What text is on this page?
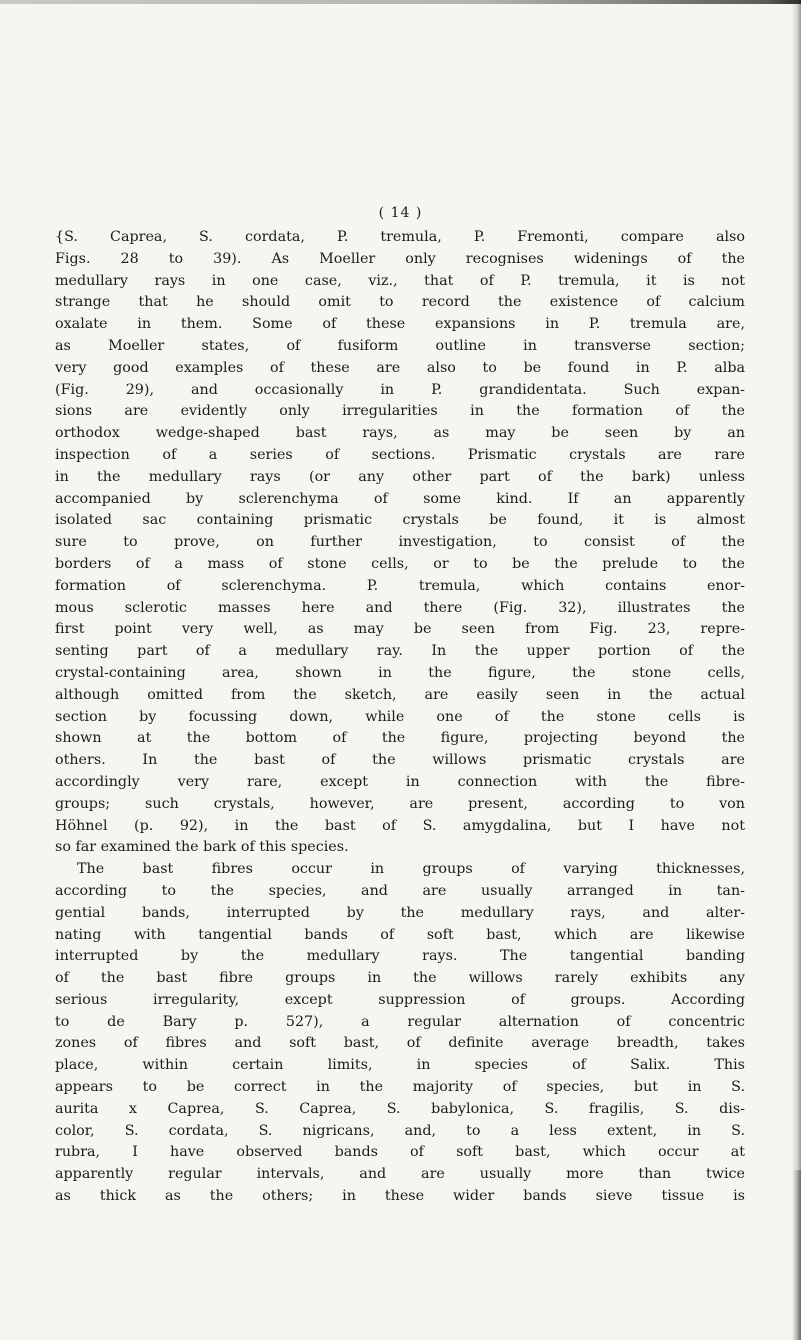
( 14 )
{S. Caprea, S. cordata, P. tremula, P. Fremonti, compare also
Figs. 28 to 39). As Moeller only recognises widenings of the
medullary rays in one case, viz., that of P. tremula, it is not
strange that he should omit to record the existence of calcium
oxalate in them. Some of these expansions in P. tremula are,
as Moeller states, of fusiform outline in transverse section;
very good examples of these are also to be found in P. alba
(Fig. 29), and occasionally in P. grandidentata. Such expan-
sions are evidently only irregularities in the formation of the
orthodox wedge-shaped bast rays, as may be seen by an
inspection of a series of sections. Prismatic crystals are rare
in the medullary rays (or any other part of the bark) unless
accompanied by sclerenchyma of some kind. If an apparently
isolated sac containing prismatic crystals be found, it is almost
sure to prove, on further investigation, to consist of the
borders of a mass of stone cells, or to be the prelude to the
formation of sclerenchyma. P. tremula, which contains enor-
mous sclerotic masses here and there (Fig. 32), illustrates the
first point very well, as may be seen from Fig. 23, repre-
senting part of a medullary ray. In the upper portion of the
crystal-containing area, shown in the figure, the stone cells,
although omitted from the sketch, are easily seen in the actual
section by focussing down, while one of the stone cells is
shown at the bottom of the figure, projecting beyond the
others. In the bast of the willows prismatic crystals are
accordingly very rare, except in connection with the fibre-
groups; such crystals, however, are present, according to von
Höhnel (p. 92), in the bast of S. amygdalina, but I have not
so far examined the bark of this species.
The bast fibres occur in groups of varying thicknesses,
according to the species, and are usually arranged in tan-
gential bands, interrupted by the medullary rays, and alter-
nating with tangential bands of soft bast, which are likewise
interrupted by the medullary rays. The tangential banding
of the bast fibre groups in the willows rarely exhibits any
serious irregularity, except suppression of groups. According
to de Bary p. 527), a regular alternation of concentric
zones of fibres and soft bast, of definite average breadth, takes
place, within certain limits, in species of Salix. This
appears to be correct in the majority of species, but in S.
aurita x Caprea, S. Caprea, S. babylonica, S. fragilis, S. dis-
color, S. cordata, S. nigricans, and, to a less extent, in S.
rubra, I have observed bands of soft bast, which occur at
apparently regular intervals, and are usually more than twice
as thick as the others; in these wider bands sieve tissue is
